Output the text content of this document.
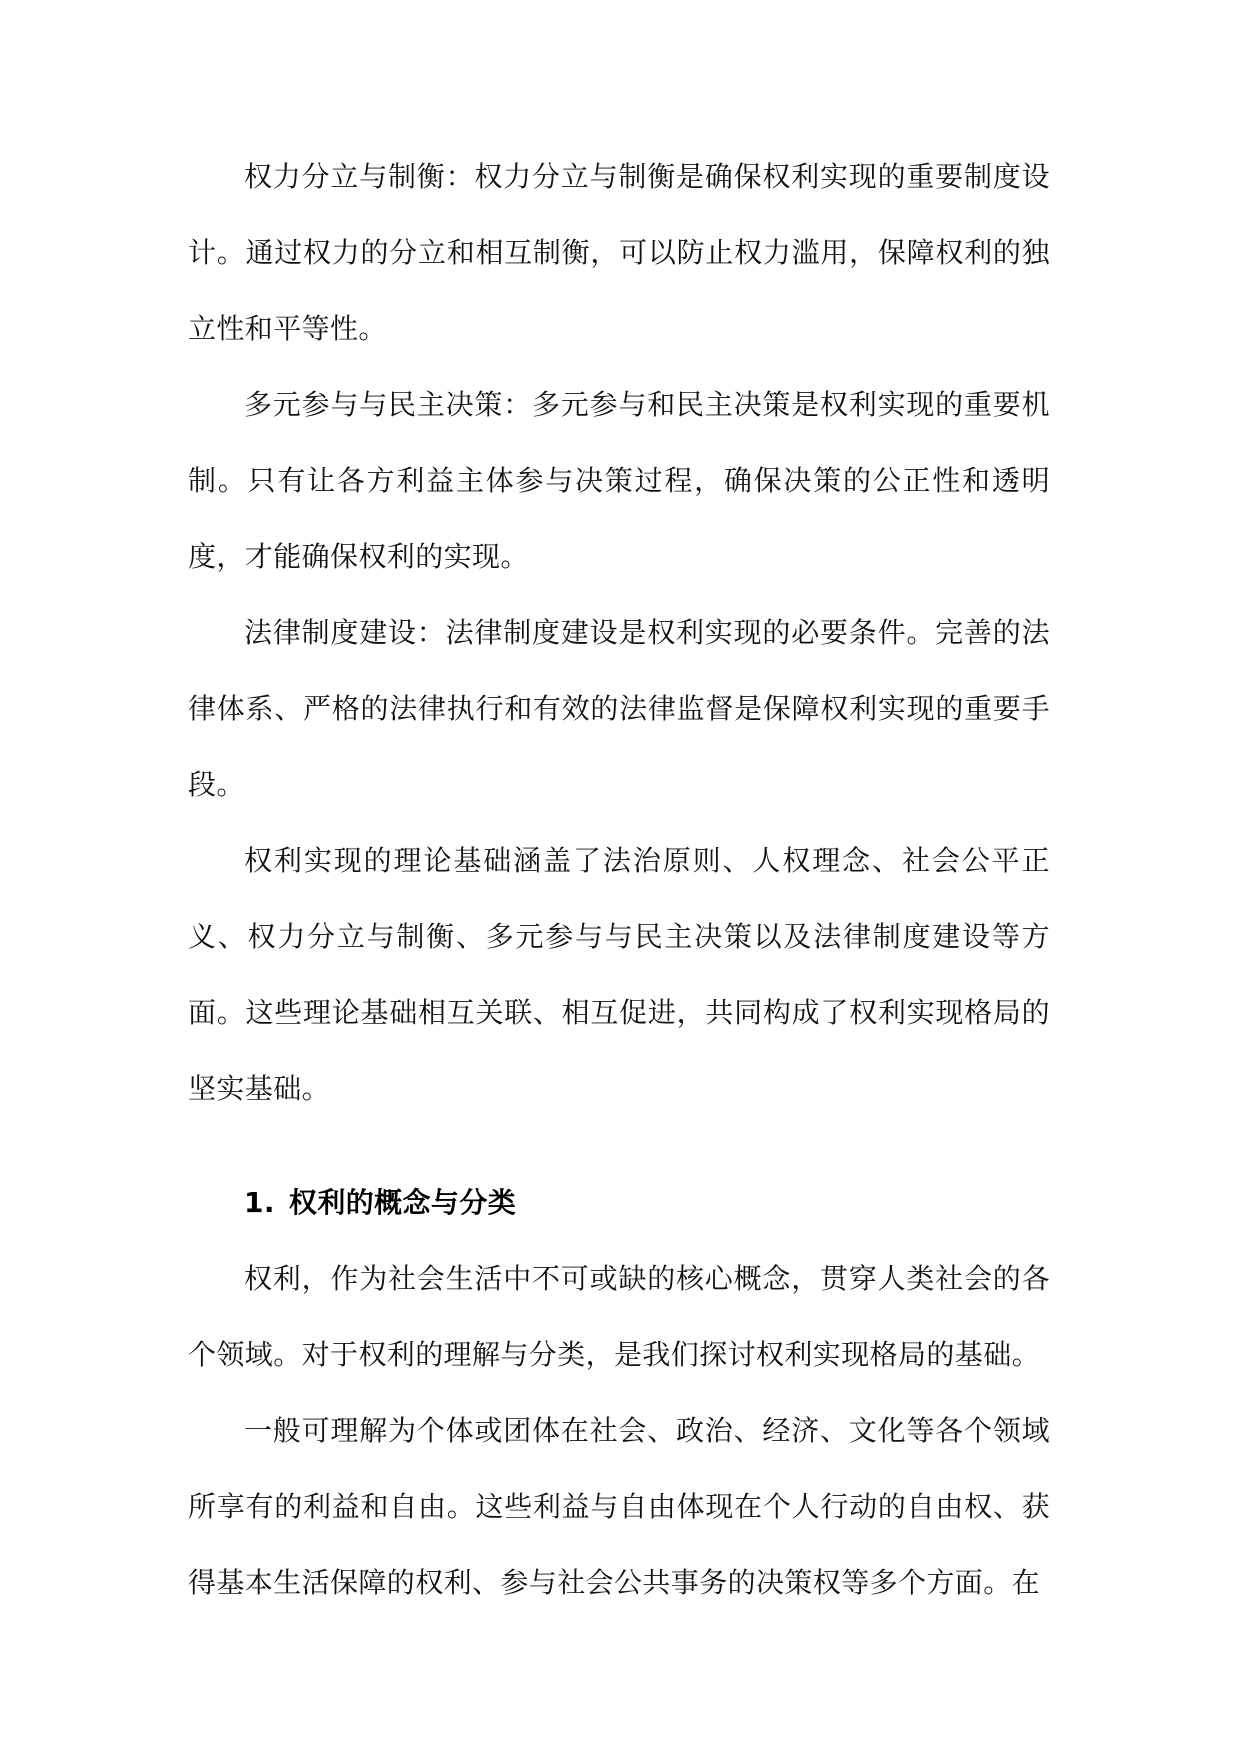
权力分立与制衡：权力分立与制衡是确保权利实现的重要制度设计。通过权力的分立和相互制衡，可以防止权力滥用，保障权利的独立性和平等性。

多元参与与民主决策：多元参与和民主决策是权利实现的重要机制。只有让各方利益主体参与决策过程，确保决策的公正性和透明度，才能确保权利的实现。

法律制度建设：法律制度建设是权利实现的必要条件。完善的法律体系、严格的法律执行和有效的法律监督是保障权利实现的重要手段。

权利实现的理论基础涵盖了法治原则、人权理念、社会公平正义、权力分立与制衡、多元参与与民主决策以及法律制度建设等方面。这些理论基础相互关联、相互促进，共同构成了权利实现格局的坚实基础。

1. 权利的概念与分类

权利，作为社会生活中不可或缺的核心概念，贯穿人类社会的各个领域。对于权利的理解与分类，是我们探讨权利实现格局的基础。

一般可理解为个体或团体在社会、政治、经济、文化等各个领域所享有的利益和自由。这些利益与自由体现在个人行动的自由权、获得基本生活保障的权利、参与社会公共事务的决策权等多个方面。在
